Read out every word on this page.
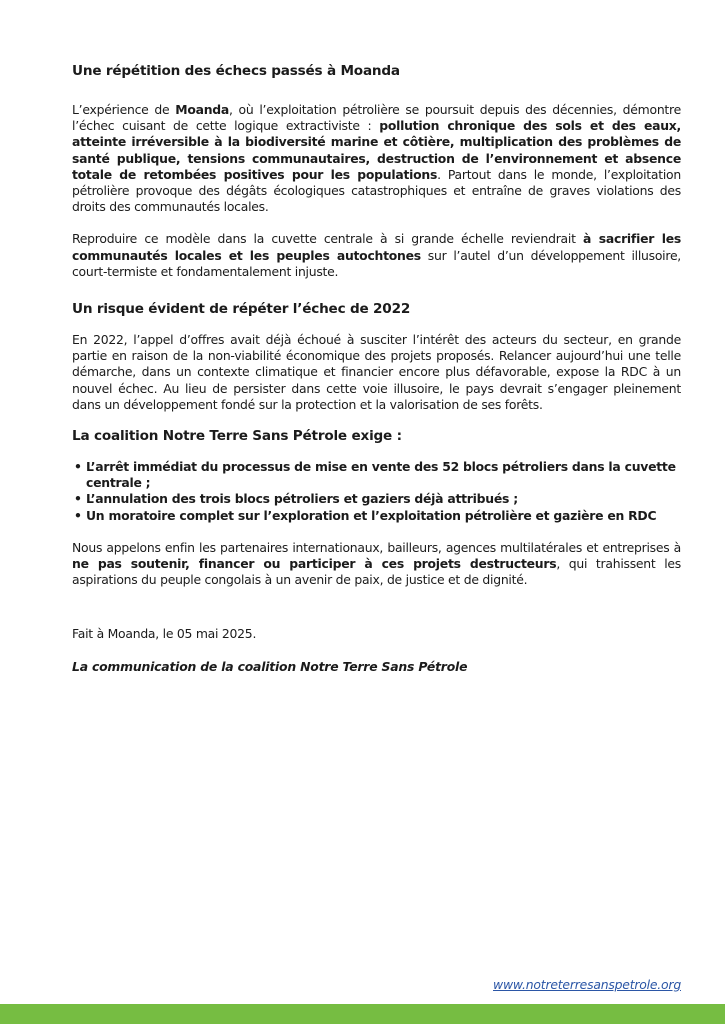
Une répétition des échecs passés à Moanda

L’expérience de Moanda, où l’exploitation pétrolière se poursuit depuis des décennies, démontre l’échec cuisant de cette logique extractiviste : pollution chronique des sols et des eaux, atteinte irréversible à la biodiversité marine et côtière, multiplication des problèmes de santé publique, tensions communautaires, destruction de l’environnement et absence totale de retombées positives pour les populations. Partout dans le monde, l’exploitation pétrolière provoque des dégâts écologiques catastrophiques et entraîne de graves violations des droits des communautés locales.

Reproduire ce modèle dans la cuvette centrale à si grande échelle reviendrait à sacrifier les communautés locales et les peuples autochtones sur l’autel d’un développement illusoire, court-termiste et fondamentalement injuste.

Un risque évident de répéter l’échec de 2022

En 2022, l’appel d’offres avait déjà échoué à susciter l’intérêt des acteurs du secteur, en grande partie en raison de la non-viabilité économique des projets proposés. Relancer aujourd’hui une telle démarche, dans un contexte climatique et financier encore plus défavorable, expose la RDC à un nouvel échec. Au lieu de persister dans cette voie illusoire, le pays devrait s’engager pleinement dans un développement fondé sur la protection et la valorisation de ses forêts.

La coalition Notre Terre Sans Pétrole exige :
• L’arrêt immédiat du processus de mise en vente des 52 blocs pétroliers dans la cuvette centrale ;
• L’annulation des trois blocs pétroliers et gaziers déjà attribués ;
• Un moratoire complet sur l’exploration et l’exploitation pétrolière et gazière en RDC

Nous appelons enfin les partenaires internationaux, bailleurs, agences multilatérales et entreprises à ne pas soutenir, financer ou participer à ces projets destructeurs, qui trahissent les aspirations du peuple congolais à un avenir de paix, de justice et de dignité.

Fait à Moanda, le 05 mai 2025.

La communication de la coalition Notre Terre Sans Pétrole

www.notreterresanspetrole.org
